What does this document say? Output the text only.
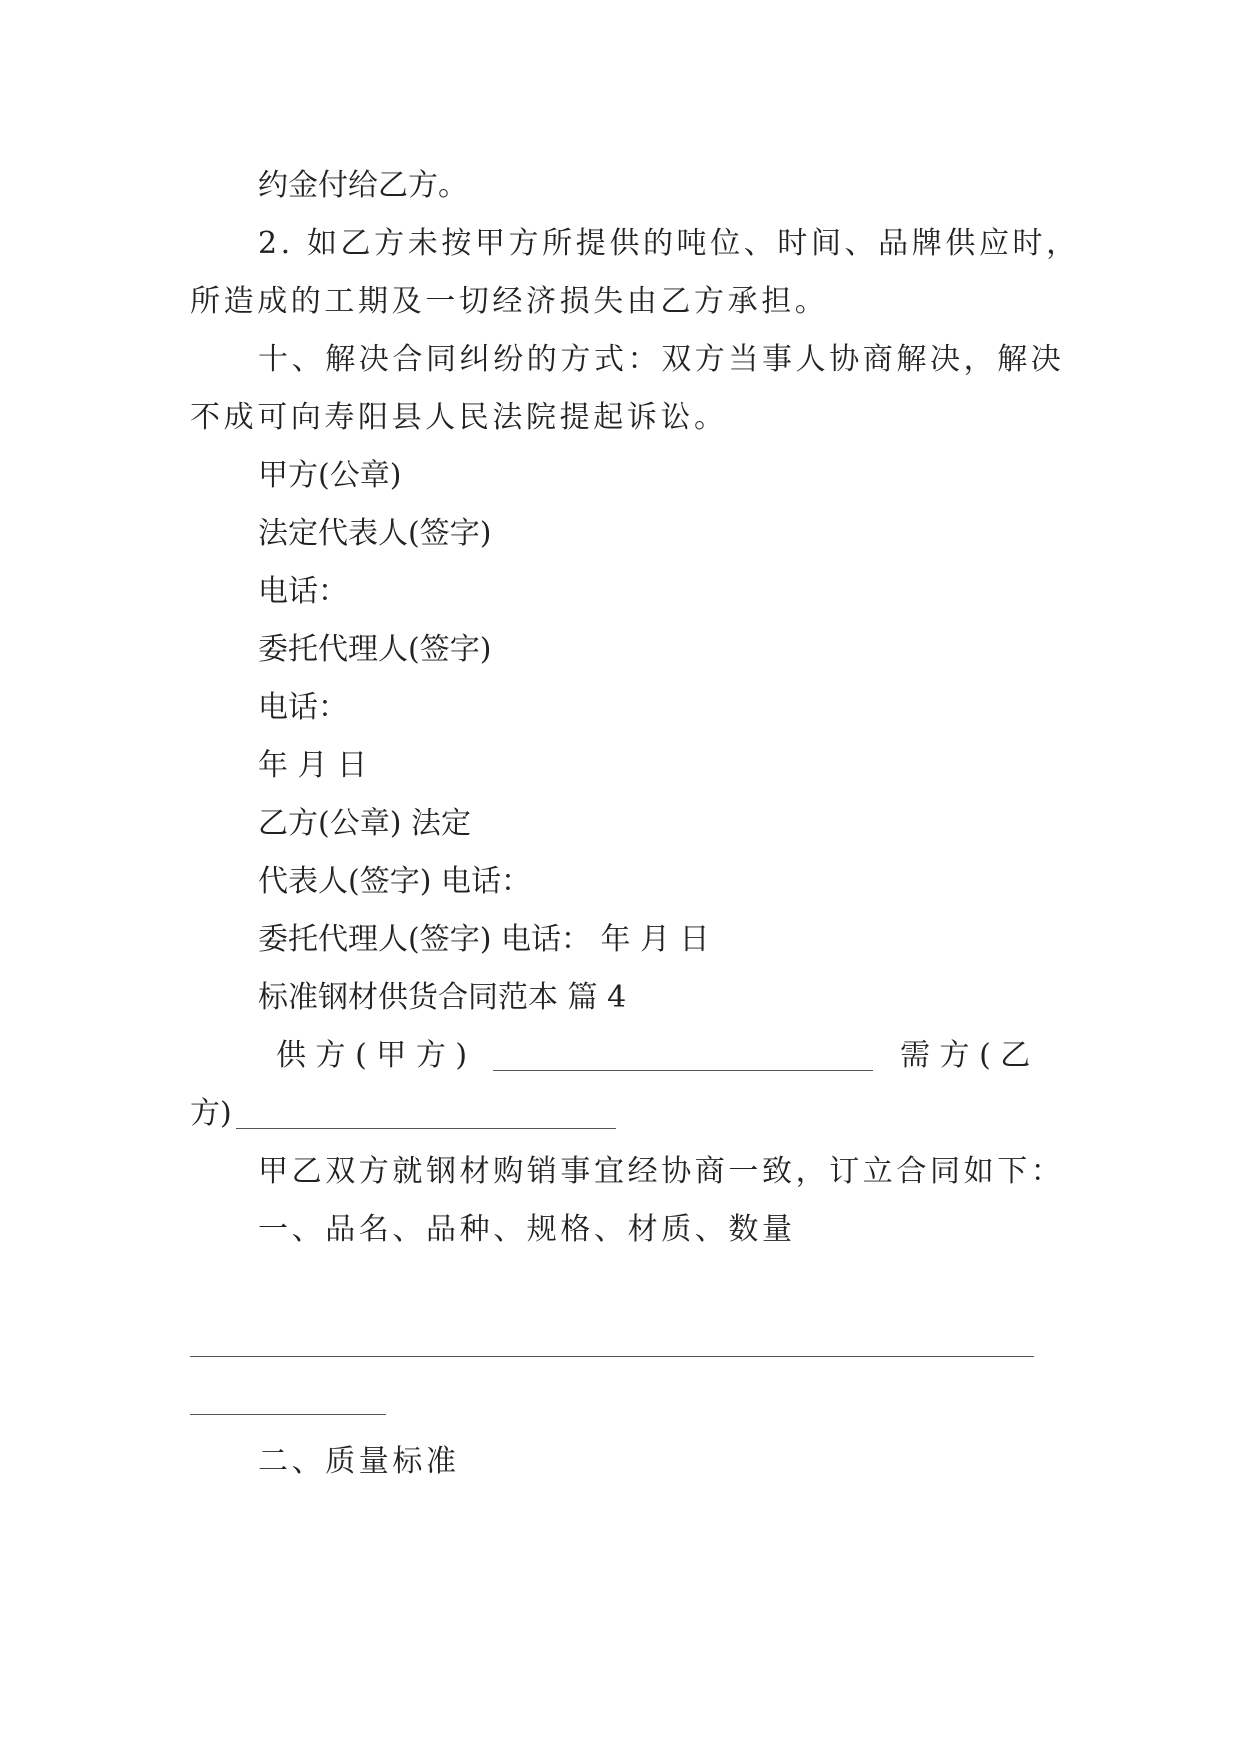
约金付给乙方。
2. 如乙方未按甲方所提供的吨位、时间、品牌供应时，
所造成的工期及一切经济损失由乙方承担。
十、解决合同纠纷的方式：双方当事人协商解决，解决
不成可向寿阳县人民法院提起诉讼。
甲方(公章)
法定代表人(签字)
电话：
委托代理人(签字)
电话：
年 月 日
乙方(公章) 法定
代表人(签字) 电话：
委托代理人(签字) 电话： 年 月 日
标准钢材供货合同范本 篇 4
供 方 ( 甲 方 )	需 方 ( 乙
方)
甲乙双方就钢材购销事宜经协商一致，订立合同如下：
一、品名、品种、规格、材质、数量
二、质量标准
